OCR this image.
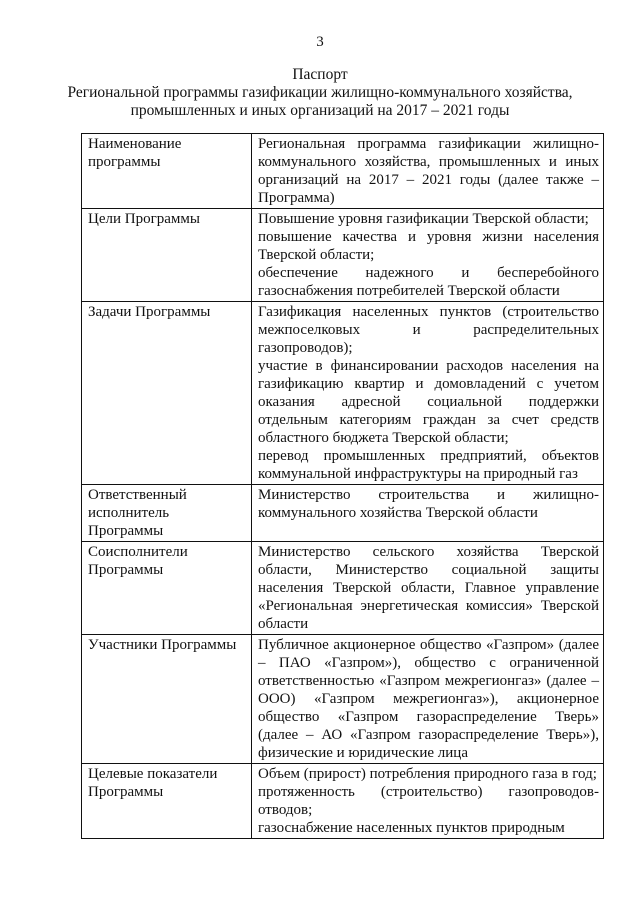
3
Паспорт
Региональной программы газификации жилищно-коммунального хозяйства,
промышленных и иных организаций на 2017 – 2021 годы
Наименование программы	Региональная программа газификации жилищно-коммунального хозяйства, промышленных и иных организаций на 2017 – 2021 годы (далее также – Программа)

Цели Программы	Повышение уровня газификации Тверской области;
повышение качества и уровня жизни населения Тверской области;
обеспечение надежного и бесперебойного газоснабжения потребителей Тверской области

Задачи Программы	Газификация населенных пунктов (строительство межпоселковых и распределительных газопроводов);
участие в финансировании расходов населения на газификацию квартир и домовладений с учетом оказания адресной социальной поддержки отдельным категориям граждан за счет средств областного бюджета Тверской области;
перевод промышленных предприятий, объектов коммунальной инфраструктуры на природный газ

Ответственный исполнитель Программы	Министерство строительства и жилищно-коммунального хозяйства Тверской области

Соисполнители Программы	Министерство сельского хозяйства Тверской области, Министерство социальной защиты населения Тверской области, Главное управление «Региональная энергетическая комиссия» Тверской области

Участники Программы	Публичное акционерное общество «Газпром» (далее – ПАО «Газпром»), общество с ограниченной ответственностью «Газпром межрегионгаз» (далее – ООО) «Газпром межрегионгаз»), акционерное общество «Газпром газораспределение Тверь» (далее – АО «Газпром газораспределение Тверь»), физические и юридические лица

Целевые показатели Программы	Объем (прирост) потребления природного газа в год;
протяженность (строительство) газопроводов-отводов;
газоснабжение населенных пунктов природным
